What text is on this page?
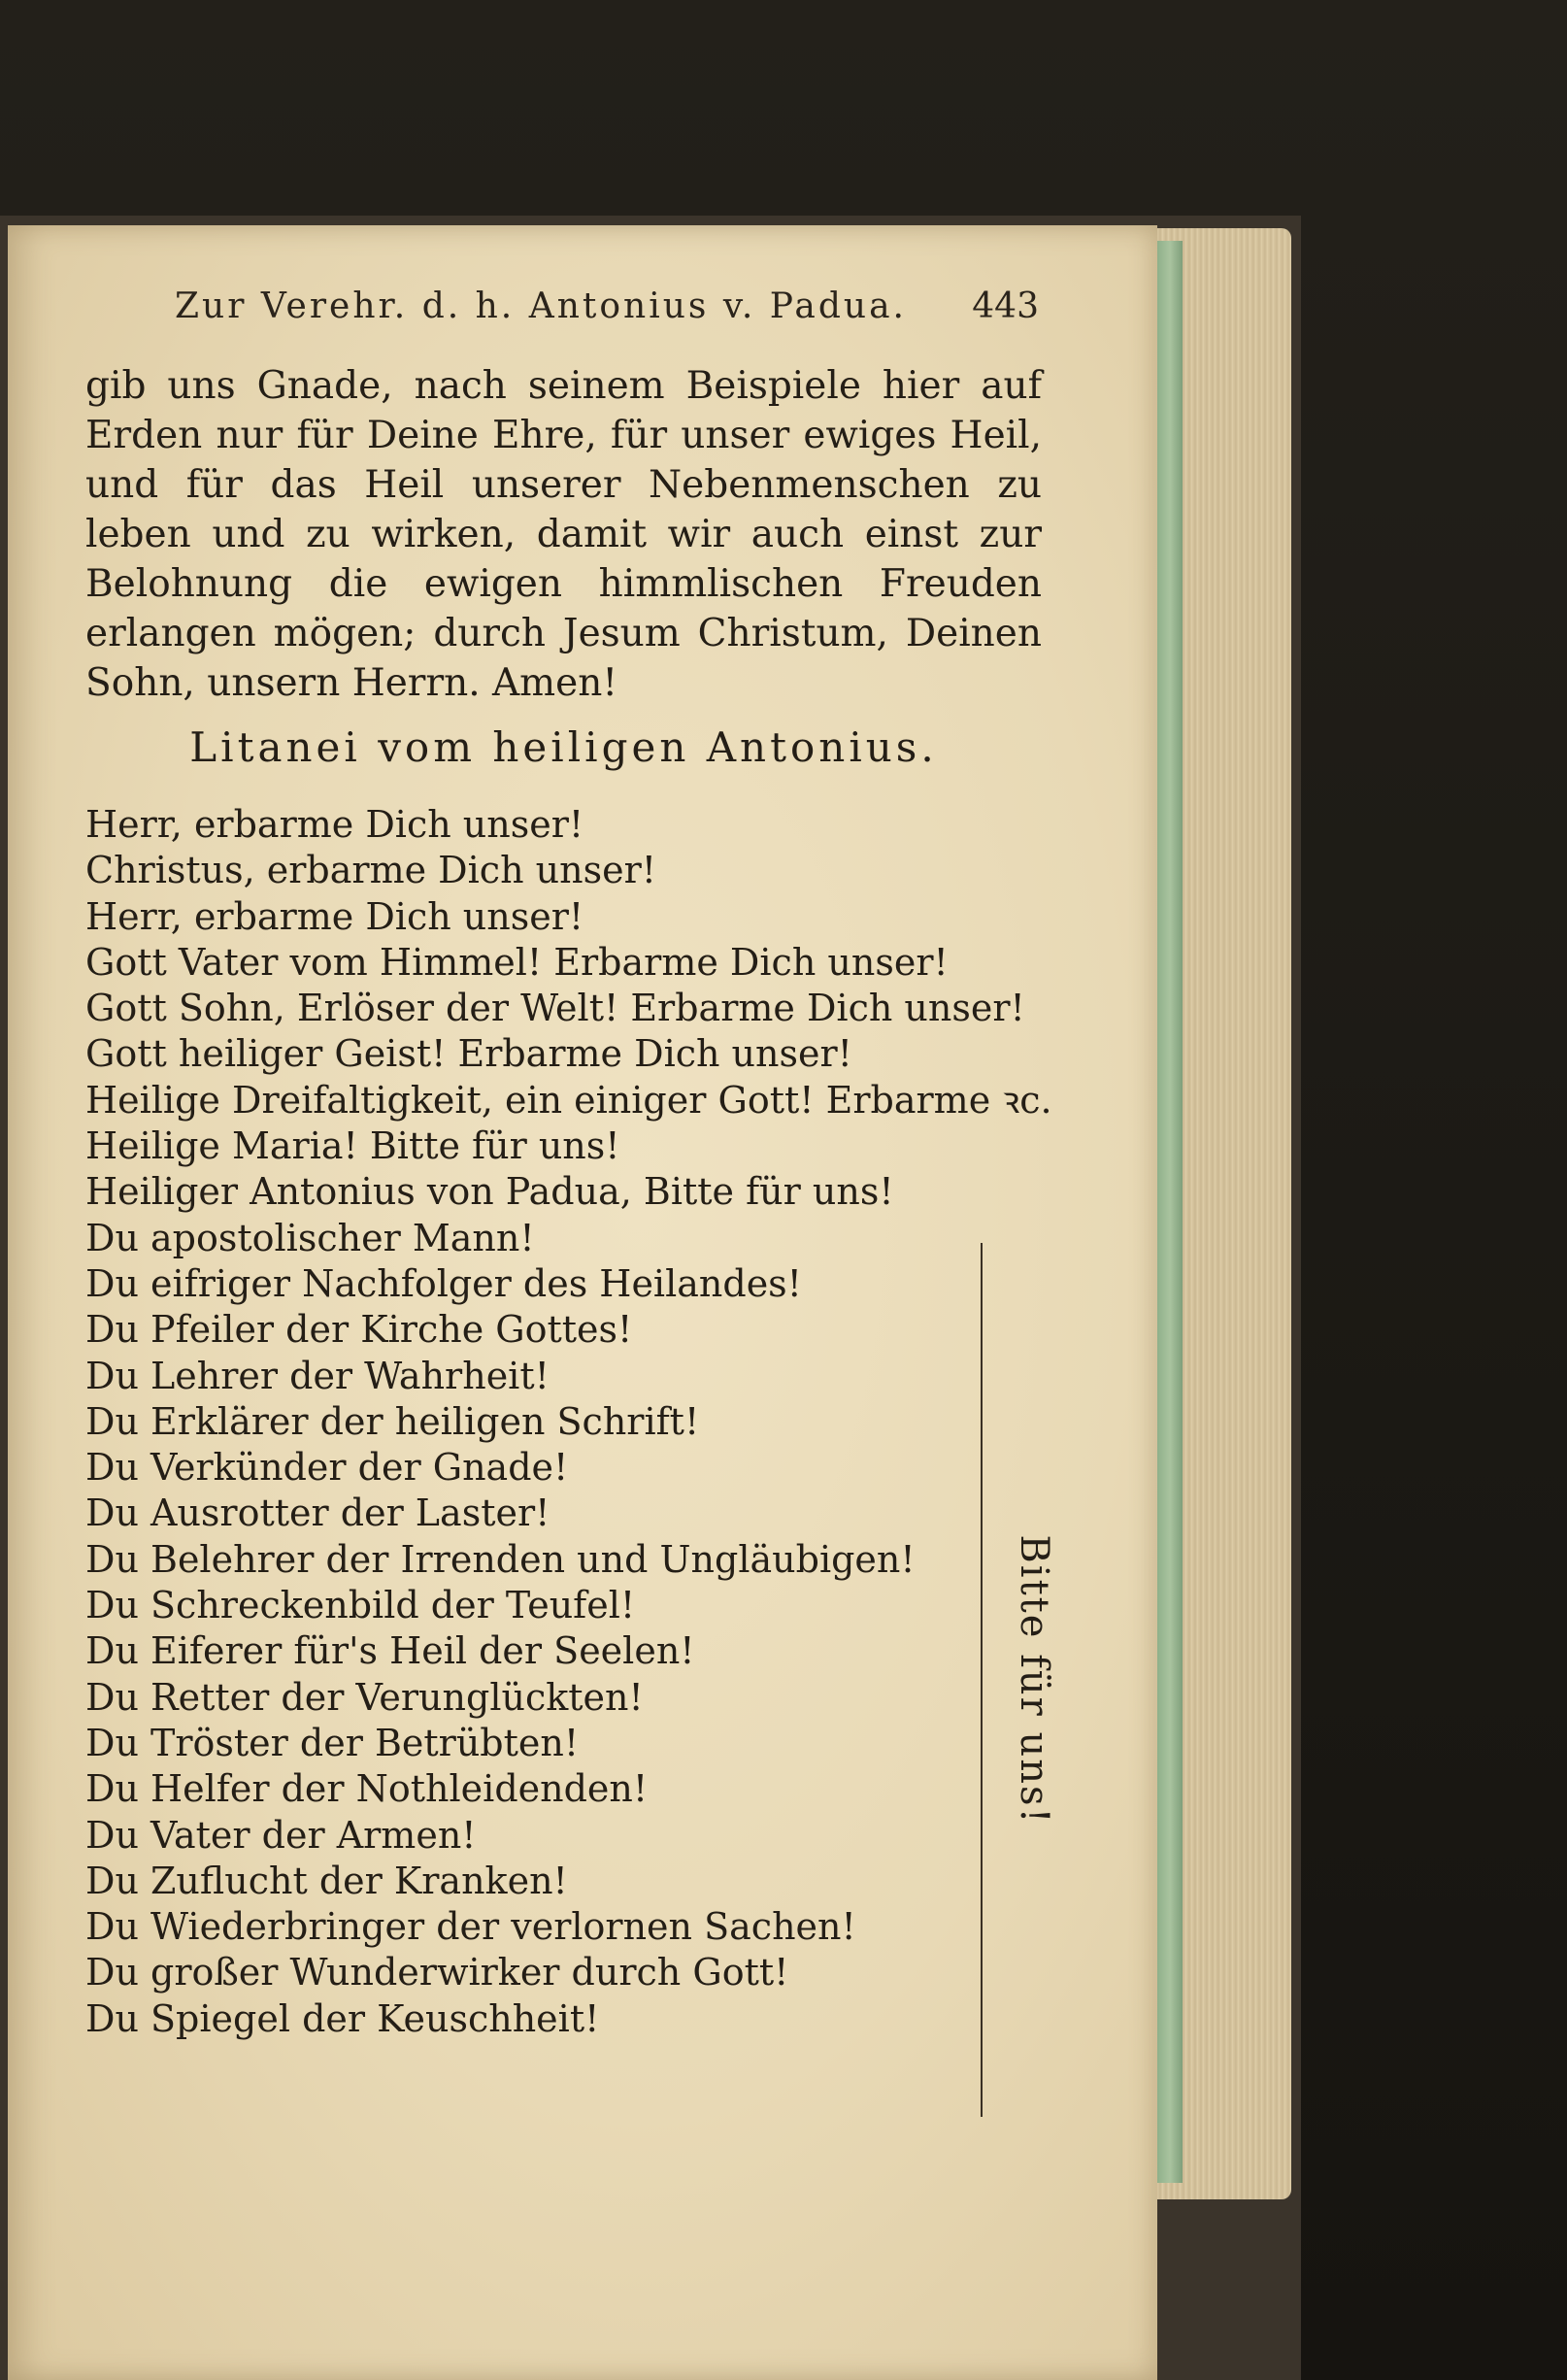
Zur Verehr. d. h. Antonius v. Padua. 443

gib uns Gnade, nach seinem Beispiele hier auf Erden nur für Deine Ehre, für unser ewiges Heil, und für das Heil unserer Nebenmenschen zu leben und zu wirken, damit wir auch einst zur Belohnung die ewigen himmlischen Freuden erlangen mögen; durch Jesum Christum, Deinen Sohn, unsern Herrn. Amen!

Litanei vom heiligen Antonius.
Herr, erbarme Dich unser!
Christus, erbarme Dich unser!
Herr, erbarme Dich unser!
Gott Vater vom Himmel! Erbarme Dich unser!
Gott Sohn, Erlöser der Welt! Erbarme Dich unser!
Gott heiliger Geist! Erbarme Dich unser!
Heilige Dreifaltigkeit, ein einiger Gott! Erbarme ꝛc.
Heilige Maria! Bitte für uns!
Heiliger Antonius von Padua, Bitte für uns!
Du apostolischer Mann!
Du eifriger Nachfolger des Heilandes!
Du Pfeiler der Kirche Gottes!
Du Lehrer der Wahrheit!
Du Erklärer der heiligen Schrift!
Du Verkünder der Gnade!
Du Ausrotter der Laster!
Du Belehrer der Irrenden und Ungläubigen!
Du Schreckenbild der Teufel!
Du Eiferer für's Heil der Seelen!
Du Retter der Verunglückten!
Du Tröster der Betrübten!
Du Helfer der Nothleidenden!
Du Vater der Armen!
Du Zuflucht der Kranken!
Du Wiederbringer der verlornen Sachen!
Du großer Wunderwirker durch Gott!
Du Spiegel der Keuschheit!
Bitte für uns!
